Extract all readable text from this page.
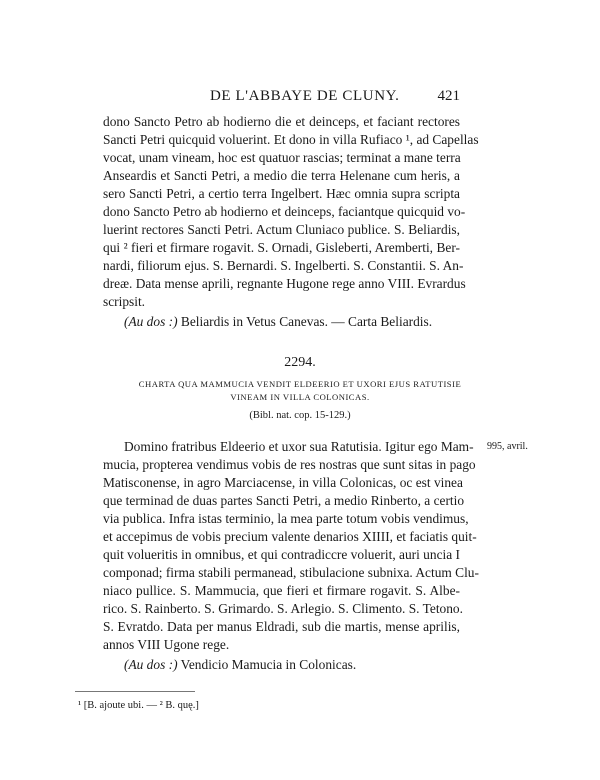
DE L'ABBAYE DE CLUNY.	421
dono Sancto Petro ab hodierno die et deinceps, et faciant rectores
Sancti Petri quicquid voluerint. Et dono in villa Rufiaco ¹, ad Capellas
vocat, unam vineam, hoc est quatuor rascias; terminat a mane terra
Anseardis et Sancti Petri, a medio die terra Helenane cum heris, a
sero Sancti Petri, a certio terra Ingelbert. Hæc omnia supra scripta
dono Sancto Petro ab hodierno et deinceps, faciantque quicquid vo-
luerint rectores Sancti Petri. Actum Cluniaco publice. S. Beliardis,
qui ² fieri et firmare rogavit. S. Ornadi, Gisleberti, Aremberti, Ber-
nardi, filiorum ejus. S. Bernardi. S. Ingelberti. S. Constantii. S. An-
dreæ. Data mense aprili, regnante Hugone rege anno VIII. Evrardus
scripsit.
(Au dos :) Beliardis in Vetus Canevas. — Carta Beliardis.
2294.
CHARTA QUA MAMMUCIA VENDIT ELDEERIO ET UXORI EJUS RATUTISIE
VINEAM IN VILLA COLONICAS.
(Bibl. nat. cop. 15-129.)
995, avril.
Domino fratribus Eldeerio et uxor sua Ratutisia. Igitur ego Mam-
mucia, propterea vendimus vobis de res nostras que sunt sitas in pago
Matisconense, in agro Marciacense, in villa Colonicas, oc est vinea
que terminad de duas partes Sancti Petri, a medio Rinberto, a certio
via publica. Infra istas terminio, la mea parte totum vobis vendimus,
et accepimus de vobis precium valente denarios XIIII, et faciatis quit-
quit volueritis in omnibus, et qui contradiccre voluerit, auri uncia I
componad; firma stabili permanead, stibulacione subnixa. Actum Clu-
niaco pullice. S. Mammucia, que fieri et firmare rogavit. S. Albe-
rico. S. Rainberto. S. Grimardo. S. Arlegio. S. Climento. S. Tetono.
S. Evratdo. Data per manus Eldradi, sub die martis, mense aprilis,
annos VIII Ugone rege.
(Au dos :) Vendicio Mamucia in Colonicas.
¹ [B. ajoute ubi. — ² B. quę.]
